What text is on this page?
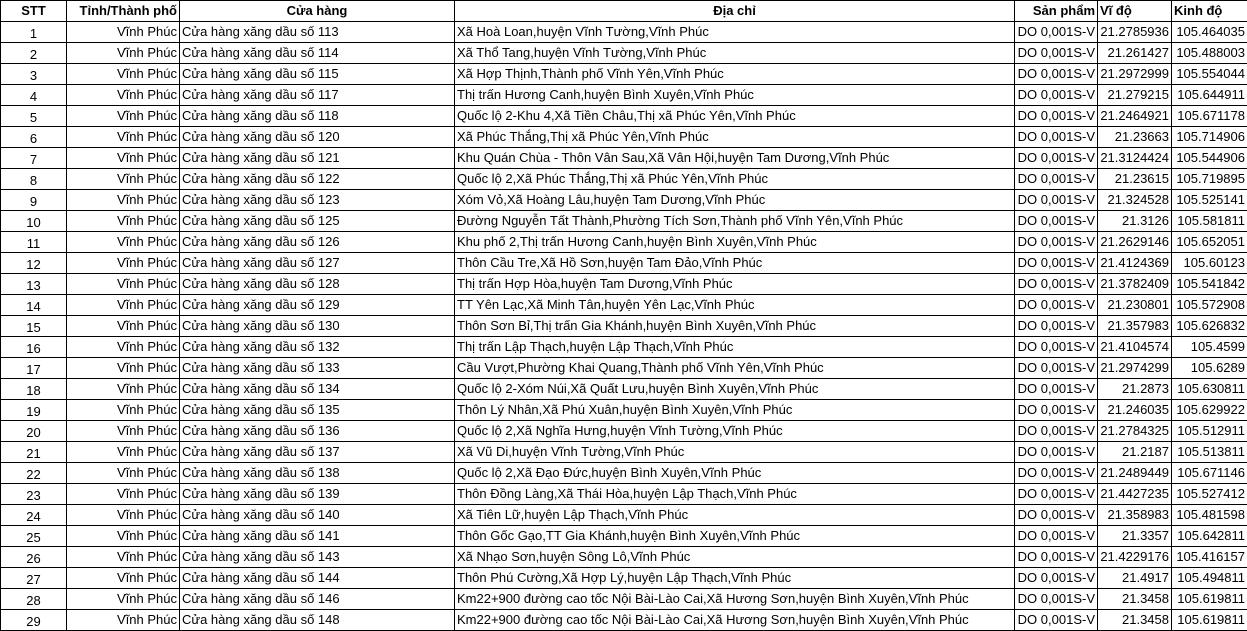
STT	Tỉnh/Thành phố	Cửa hàng	Địa chỉ	Sản phẩm	Vĩ độ	Kinh độ
1	Vĩnh Phúc	Cửa hàng xăng dầu số 113	Xã Hoà Loan,huyện Vĩnh Tường,Vĩnh Phúc	DO 0,001S-V	21.2785936	105.464035
2	Vĩnh Phúc	Cửa hàng xăng dầu số 114	Xã Thổ Tang,huyện Vĩnh Tường,Vĩnh Phúc	DO 0,001S-V	21.261427	105.488003
3	Vĩnh Phúc	Cửa hàng xăng dầu số 115	Xã Hợp Thịnh,Thành phố Vĩnh Yên,Vĩnh Phúc	DO 0,001S-V	21.2972999	105.554044
4	Vĩnh Phúc	Cửa hàng xăng dầu số 117	Thị trấn Hương Canh,huyện Bình Xuyên,Vĩnh Phúc	DO 0,001S-V	21.279215	105.644911
5	Vĩnh Phúc	Cửa hàng xăng dầu số 118	Quốc lộ 2-Khu 4,Xã Tiền Châu,Thị xã Phúc Yên,Vĩnh Phúc	DO 0,001S-V	21.2464921	105.671178
6	Vĩnh Phúc	Cửa hàng xăng dầu số 120	Xã Phúc Thắng,Thị xã Phúc Yên,Vĩnh Phúc	DO 0,001S-V	21.23663	105.714906
7	Vĩnh Phúc	Cửa hàng xăng dầu số 121	Khu Quán Chùa - Thôn Vân Sau,Xã Vân Hội,huyện Tam Dương,Vĩnh Phúc	DO 0,001S-V	21.3124424	105.544906
8	Vĩnh Phúc	Cửa hàng xăng dầu số 122	Quốc lộ 2,Xã Phúc Thắng,Thị xã Phúc Yên,Vĩnh Phúc	DO 0,001S-V	21.23615	105.719895
9	Vĩnh Phúc	Cửa hàng xăng dầu số 123	Xóm Vỏ,Xã Hoàng Lâu,huyện Tam Dương,Vĩnh Phúc	DO 0,001S-V	21.324528	105.525141
10	Vĩnh Phúc	Cửa hàng xăng dầu số 125	Đường Nguyễn Tất Thành,Phường Tích Sơn,Thành phố Vĩnh Yên,Vĩnh Phúc	DO 0,001S-V	21.3126	105.581811
11	Vĩnh Phúc	Cửa hàng xăng dầu số 126	Khu phố 2,Thị trấn Hương Canh,huyện Bình Xuyên,Vĩnh Phúc	DO 0,001S-V	21.2629146	105.652051
12	Vĩnh Phúc	Cửa hàng xăng dầu số 127	Thôn Cầu Tre,Xã Hồ Sơn,huyện Tam Đảo,Vĩnh Phúc	DO 0,001S-V	21.4124369	105.60123
13	Vĩnh Phúc	Cửa hàng xăng dầu số 128	Thị trấn Hợp Hòa,huyện Tam Dương,Vĩnh Phúc	DO 0,001S-V	21.3782409	105.541842
14	Vĩnh Phúc	Cửa hàng xăng dầu số 129	TT Yên Lạc,Xã Minh Tân,huyện Yên Lạc,Vĩnh Phúc	DO 0,001S-V	21.230801	105.572908
15	Vĩnh Phúc	Cửa hàng xăng dầu số 130	Thôn Sơn Bỉ,Thị trấn Gia Khánh,huyện Bình Xuyên,Vĩnh Phúc	DO 0,001S-V	21.357983	105.626832
16	Vĩnh Phúc	Cửa hàng xăng dầu số 132	Thị trấn Lập Thạch,huyện Lập Thạch,Vĩnh Phúc	DO 0,001S-V	21.4104574	105.4599
17	Vĩnh Phúc	Cửa hàng xăng dầu số 133	Cầu Vượt,Phường Khai Quang,Thành phố Vĩnh Yên,Vĩnh Phúc	DO 0,001S-V	21.2974299	105.6289
18	Vĩnh Phúc	Cửa hàng xăng dầu số 134	Quốc lộ 2-Xóm Núi,Xã Quất Lưu,huyện Bình Xuyên,Vĩnh Phúc	DO 0,001S-V	21.2873	105.630811
19	Vĩnh Phúc	Cửa hàng xăng dầu số 135	Thôn Lý Nhân,Xã Phú Xuân,huyện Bình Xuyên,Vĩnh Phúc	DO 0,001S-V	21.246035	105.629922
20	Vĩnh Phúc	Cửa hàng xăng dầu số 136	Quốc lộ 2,Xã Nghĩa Hưng,huyện Vĩnh Tường,Vĩnh Phúc	DO 0,001S-V	21.2784325	105.512911
21	Vĩnh Phúc	Cửa hàng xăng dầu số 137	Xã Vũ Di,huyện Vĩnh Tường,Vĩnh Phúc	DO 0,001S-V	21.2187	105.513811
22	Vĩnh Phúc	Cửa hàng xăng dầu số 138	Quốc lộ 2,Xã Đạo Đức,huyện Bình Xuyên,Vĩnh Phúc	DO 0,001S-V	21.2489449	105.671146
23	Vĩnh Phúc	Cửa hàng xăng dầu số 139	Thôn Đồng Làng,Xã Thái Hòa,huyện Lập Thạch,Vĩnh Phúc	DO 0,001S-V	21.4427235	105.527412
24	Vĩnh Phúc	Cửa hàng xăng dầu số 140	Xã Tiên Lữ,huyện Lập Thạch,Vĩnh Phúc	DO 0,001S-V	21.358983	105.481598
25	Vĩnh Phúc	Cửa hàng xăng dầu số 141	Thôn Gốc Gạo,TT Gia Khánh,huyện Bình Xuyên,Vĩnh Phúc	DO 0,001S-V	21.3357	105.642811
26	Vĩnh Phúc	Cửa hàng xăng dầu số 143	Xã Nhạo Sơn,huyện Sông Lô,Vĩnh Phúc	DO 0,001S-V	21.4229176	105.416157
27	Vĩnh Phúc	Cửa hàng xăng dầu số 144	Thôn Phú Cường,Xã Hợp Lý,huyện Lập Thạch,Vĩnh Phúc	DO 0,001S-V	21.4917	105.494811
28	Vĩnh Phúc	Cửa hàng xăng dầu số 146	Km22+900 đường cao tốc Nội Bài-Lào Cai,Xã Hương Sơn,huyện Bình Xuyên,Vĩnh Phúc	DO 0,001S-V	21.3458	105.619811
29	Vĩnh Phúc	Cửa hàng xăng dầu số 148	Km22+900 đường cao tốc Nội Bài-Lào Cai,Xã Hương Sơn,huyện Bình Xuyên,Vĩnh Phúc	DO 0,001S-V	21.3458	105.619811
